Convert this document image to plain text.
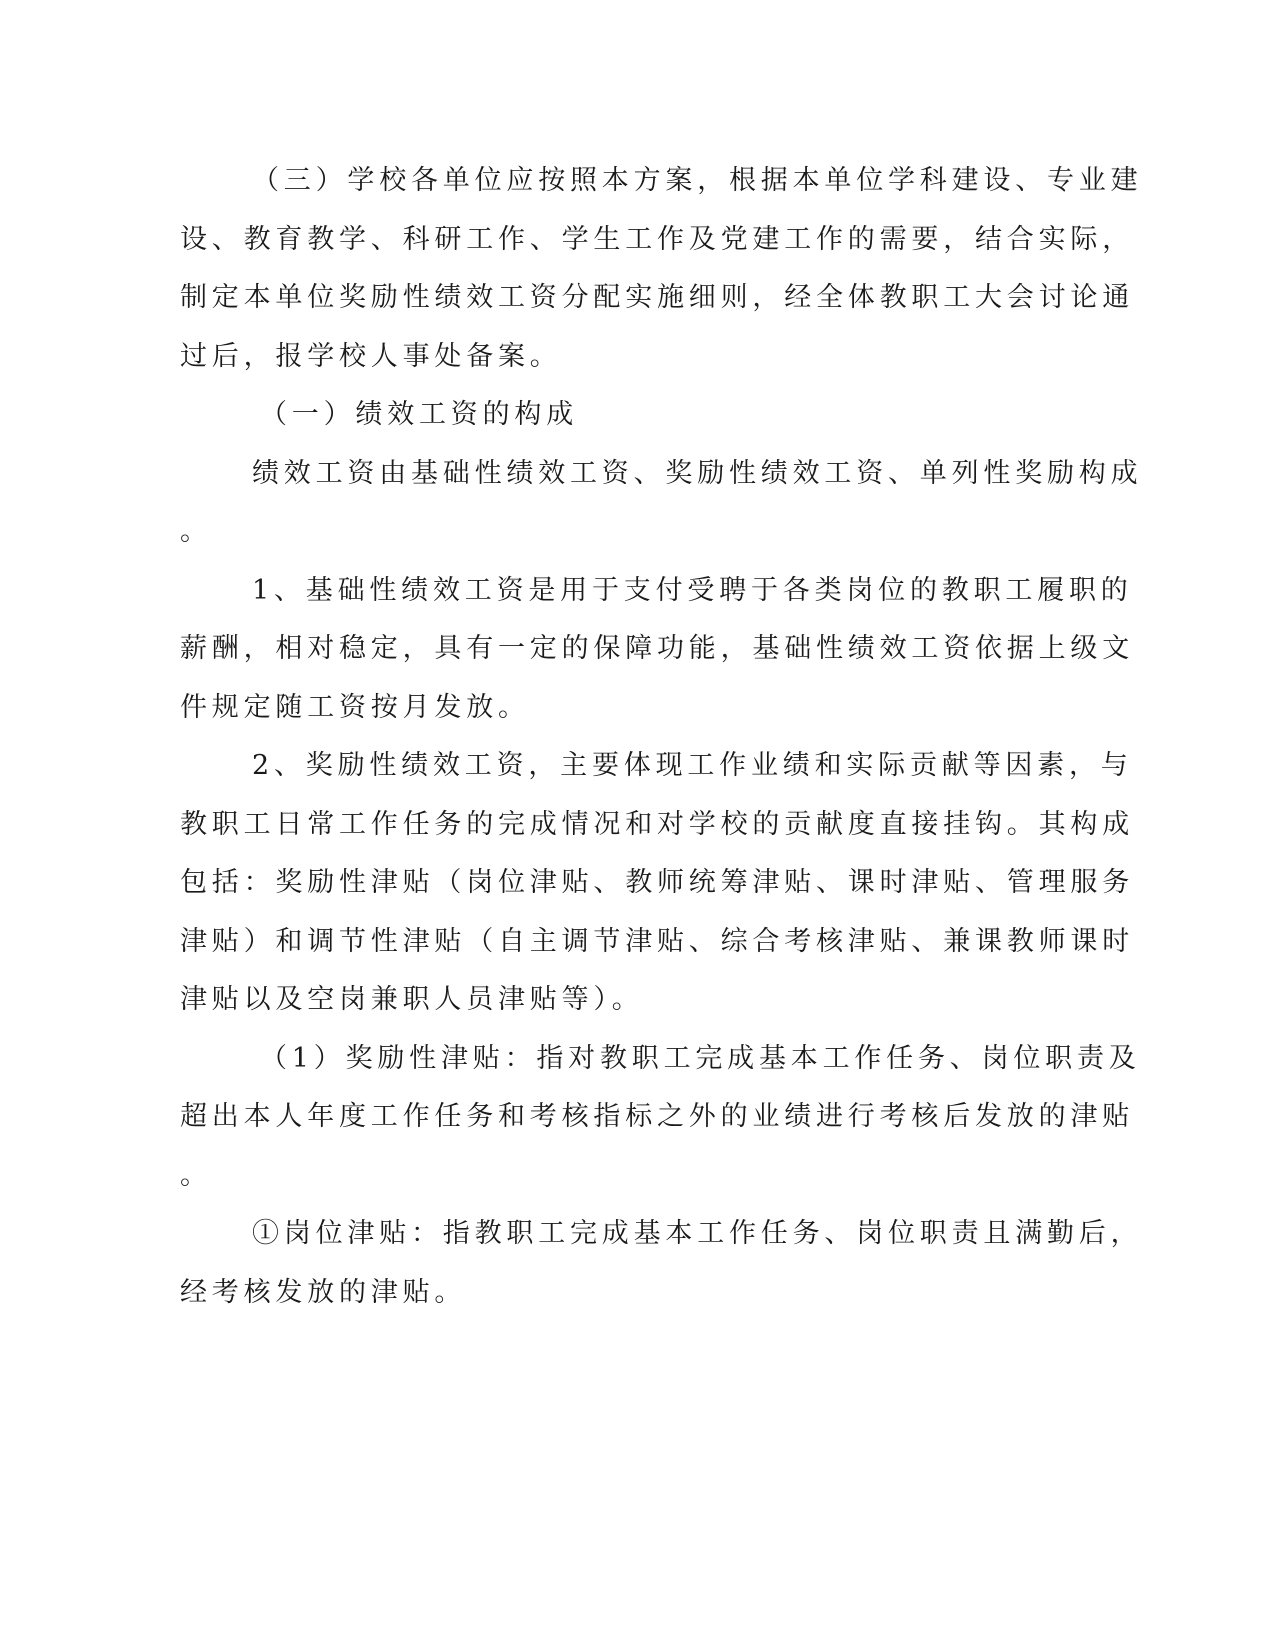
（三）学校各单位应按照本方案，根据本单位学科建设、专业建
设、教育教学、科研工作、学生工作及党建工作的需要，结合实际，
制定本单位奖励性绩效工资分配实施细则，经全体教职工大会讨论通
过后，报学校人事处备案。
（一）绩效工资的构成
绩效工资由基础性绩效工资、奖励性绩效工资、单列性奖励构成
。
1、基础性绩效工资是用于支付受聘于各类岗位的教职工履职的
薪酬，相对稳定，具有一定的保障功能，基础性绩效工资依据上级文
件规定随工资按月发放。
2、奖励性绩效工资，主要体现工作业绩和实际贡献等因素，与
教职工日常工作任务的完成情况和对学校的贡献度直接挂钩。其构成
包括：奖励性津贴（岗位津贴、教师统筹津贴、课时津贴、管理服务
津贴）和调节性津贴（自主调节津贴、综合考核津贴、兼课教师课时
津贴以及空岗兼职人员津贴等）。
（1）奖励性津贴：指对教职工完成基本工作任务、岗位职责及
超出本人年度工作任务和考核指标之外的业绩进行考核后发放的津贴
。
①岗位津贴：指教职工完成基本工作任务、岗位职责且满勤后，
经考核发放的津贴。
